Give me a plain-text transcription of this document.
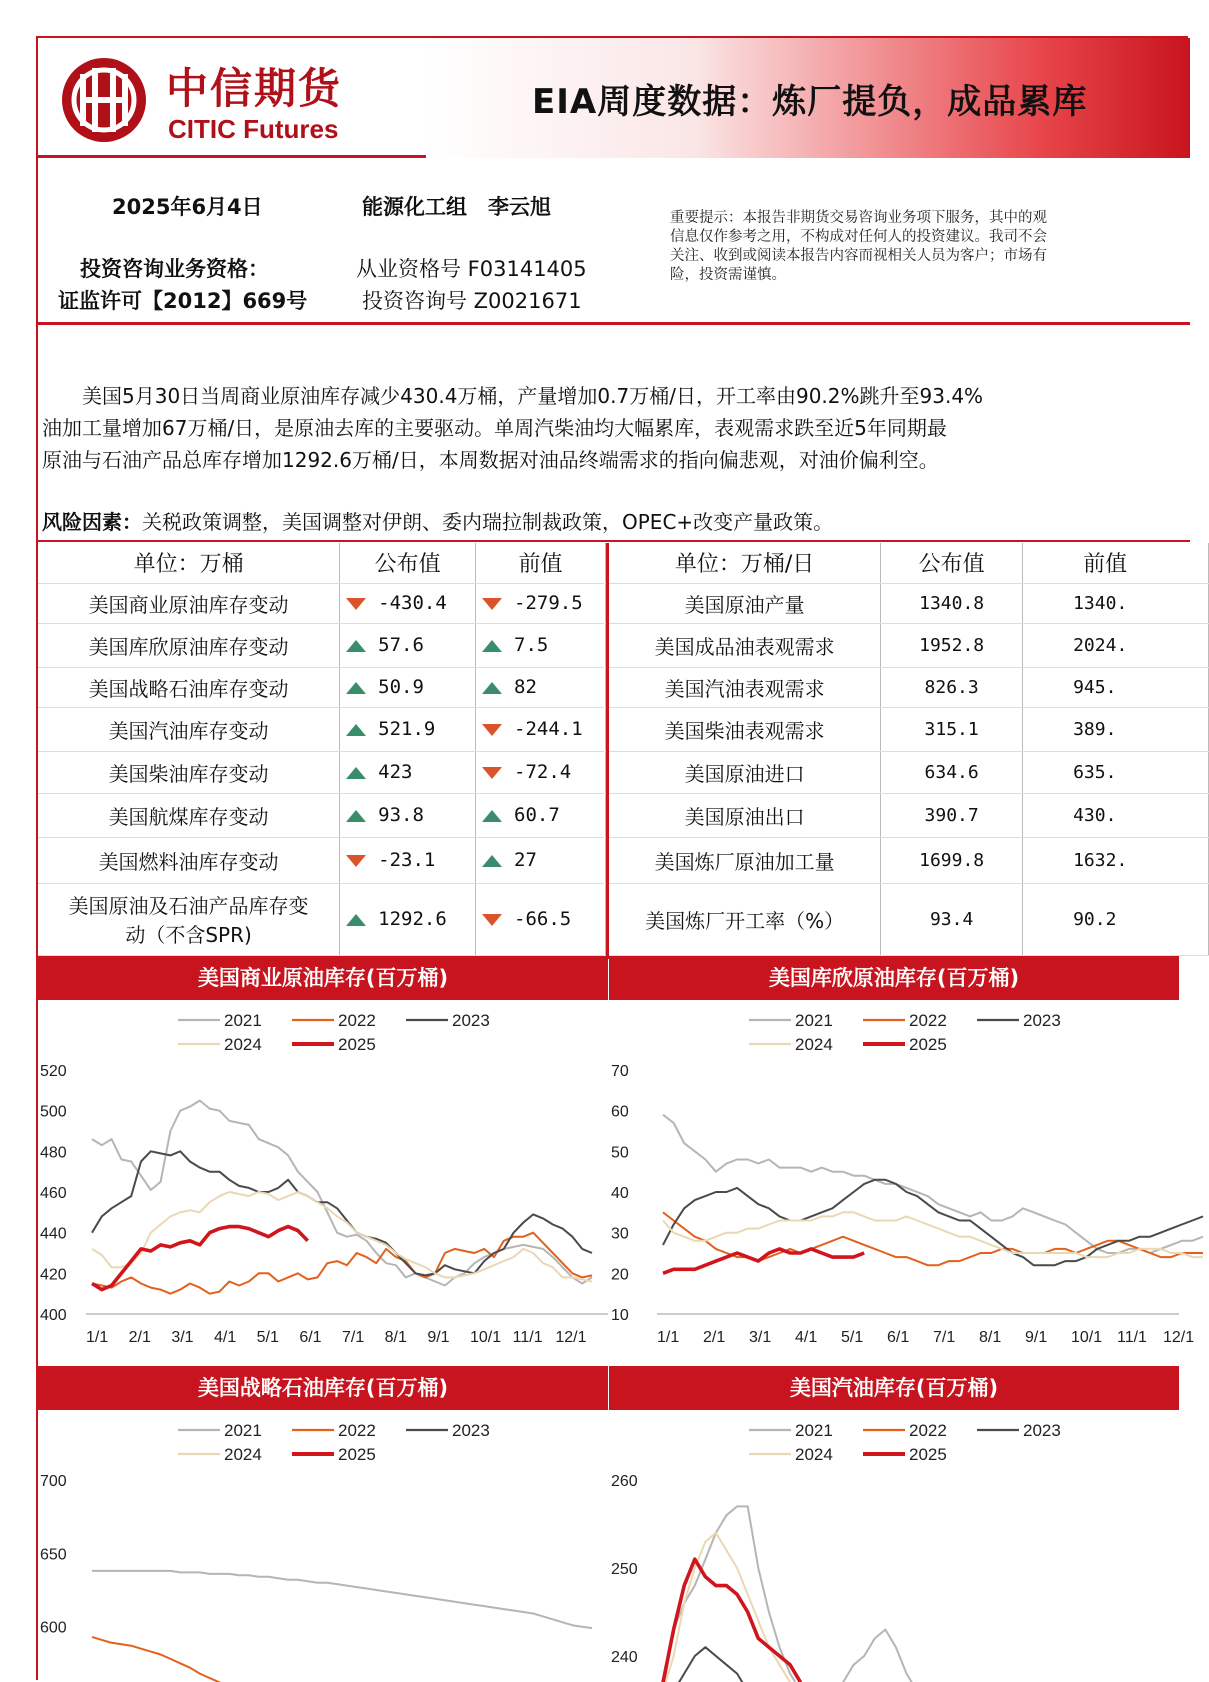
中信期货
CITIC Futures
EIA周度数据：炼厂提负，成品累库
2025年6月4日	能源化工组　李云旭
投资咨询业务资格：
证监许可【2012】669号
从业资格号 F03141405
投资咨询号 Z0021671
重要提示：本报告非期货交易咨询业务项下服务，其中的观
信息仅作参考之用，不构成对任何人的投资建议。我司不会
关注、收到或阅读本报告内容而视相关人员为客户；市场有
险，投资需谨慎。

　　美国5月30日当周商业原油库存减少430.4万桶，产量增加0.7万桶/日，开工率由90.2%跳升至93.4%

油加工量增加67万桶/日，是原油去库的主要驱动。单周汽柴油均大幅累库，表观需求跌至近5年同期最

原油与石油产品总库存增加1292.6万桶/日，本周数据对油品终端需求的指向偏悲观，对油价偏利空。

风险因素：关税政策调整，美国调整对伊朗、委内瑞拉制裁政策，OPEC+改变产量政策。

单位：万桶	公布值	前值
美国商业原油库存变动	-430.4	-279.5
美国库欣原油库存变动	57.6	7.5
美国战略石油库存变动	50.9	82
美国汽油库存变动	521.9	-244.1
美国柴油库存变动	423	-72.4
美国航煤库存变动	93.8	60.7
美国燃料油库存变动	-23.1	27

美国原油及石油产品库存变
动（不含SPR)	1292.6	-66.5
单位：万桶/日	公布值	前值
美国原油产量	1340.8	1340.
美国成品油表观需求	1952.8	2024.
美国汽油表观需求	826.3	945.
美国柴油表观需求	315.1	389.
美国原油进口	634.6	635.
美国原油出口	390.7	430.
美国炼厂原油加工量	1699.8	1632.
美国炼厂开工率（%）	93.4	90.2
美国商业原油库存(百万桶)
2021	2022	2023
2024	2025
400
420
440
460
480
500
520
1/1 2/1 3/1 4/1 5/1 6/1 7/1 8/1 9/1 10/1 11/1 12/1
美国库欣原油库存(百万桶)
2021	2022	2023
2024	2025
10
20
30
40
50
60
70
1/1 2/1 3/1 4/1 5/1 6/1 7/1 8/1 9/1 10/1 11/1 12/1
美国战略石油库存(百万桶)
2021	2022	2023
2024	2025
600
650
700
美国汽油库存(百万桶)
2021	2022	2023
2024	2025
240
250
260
